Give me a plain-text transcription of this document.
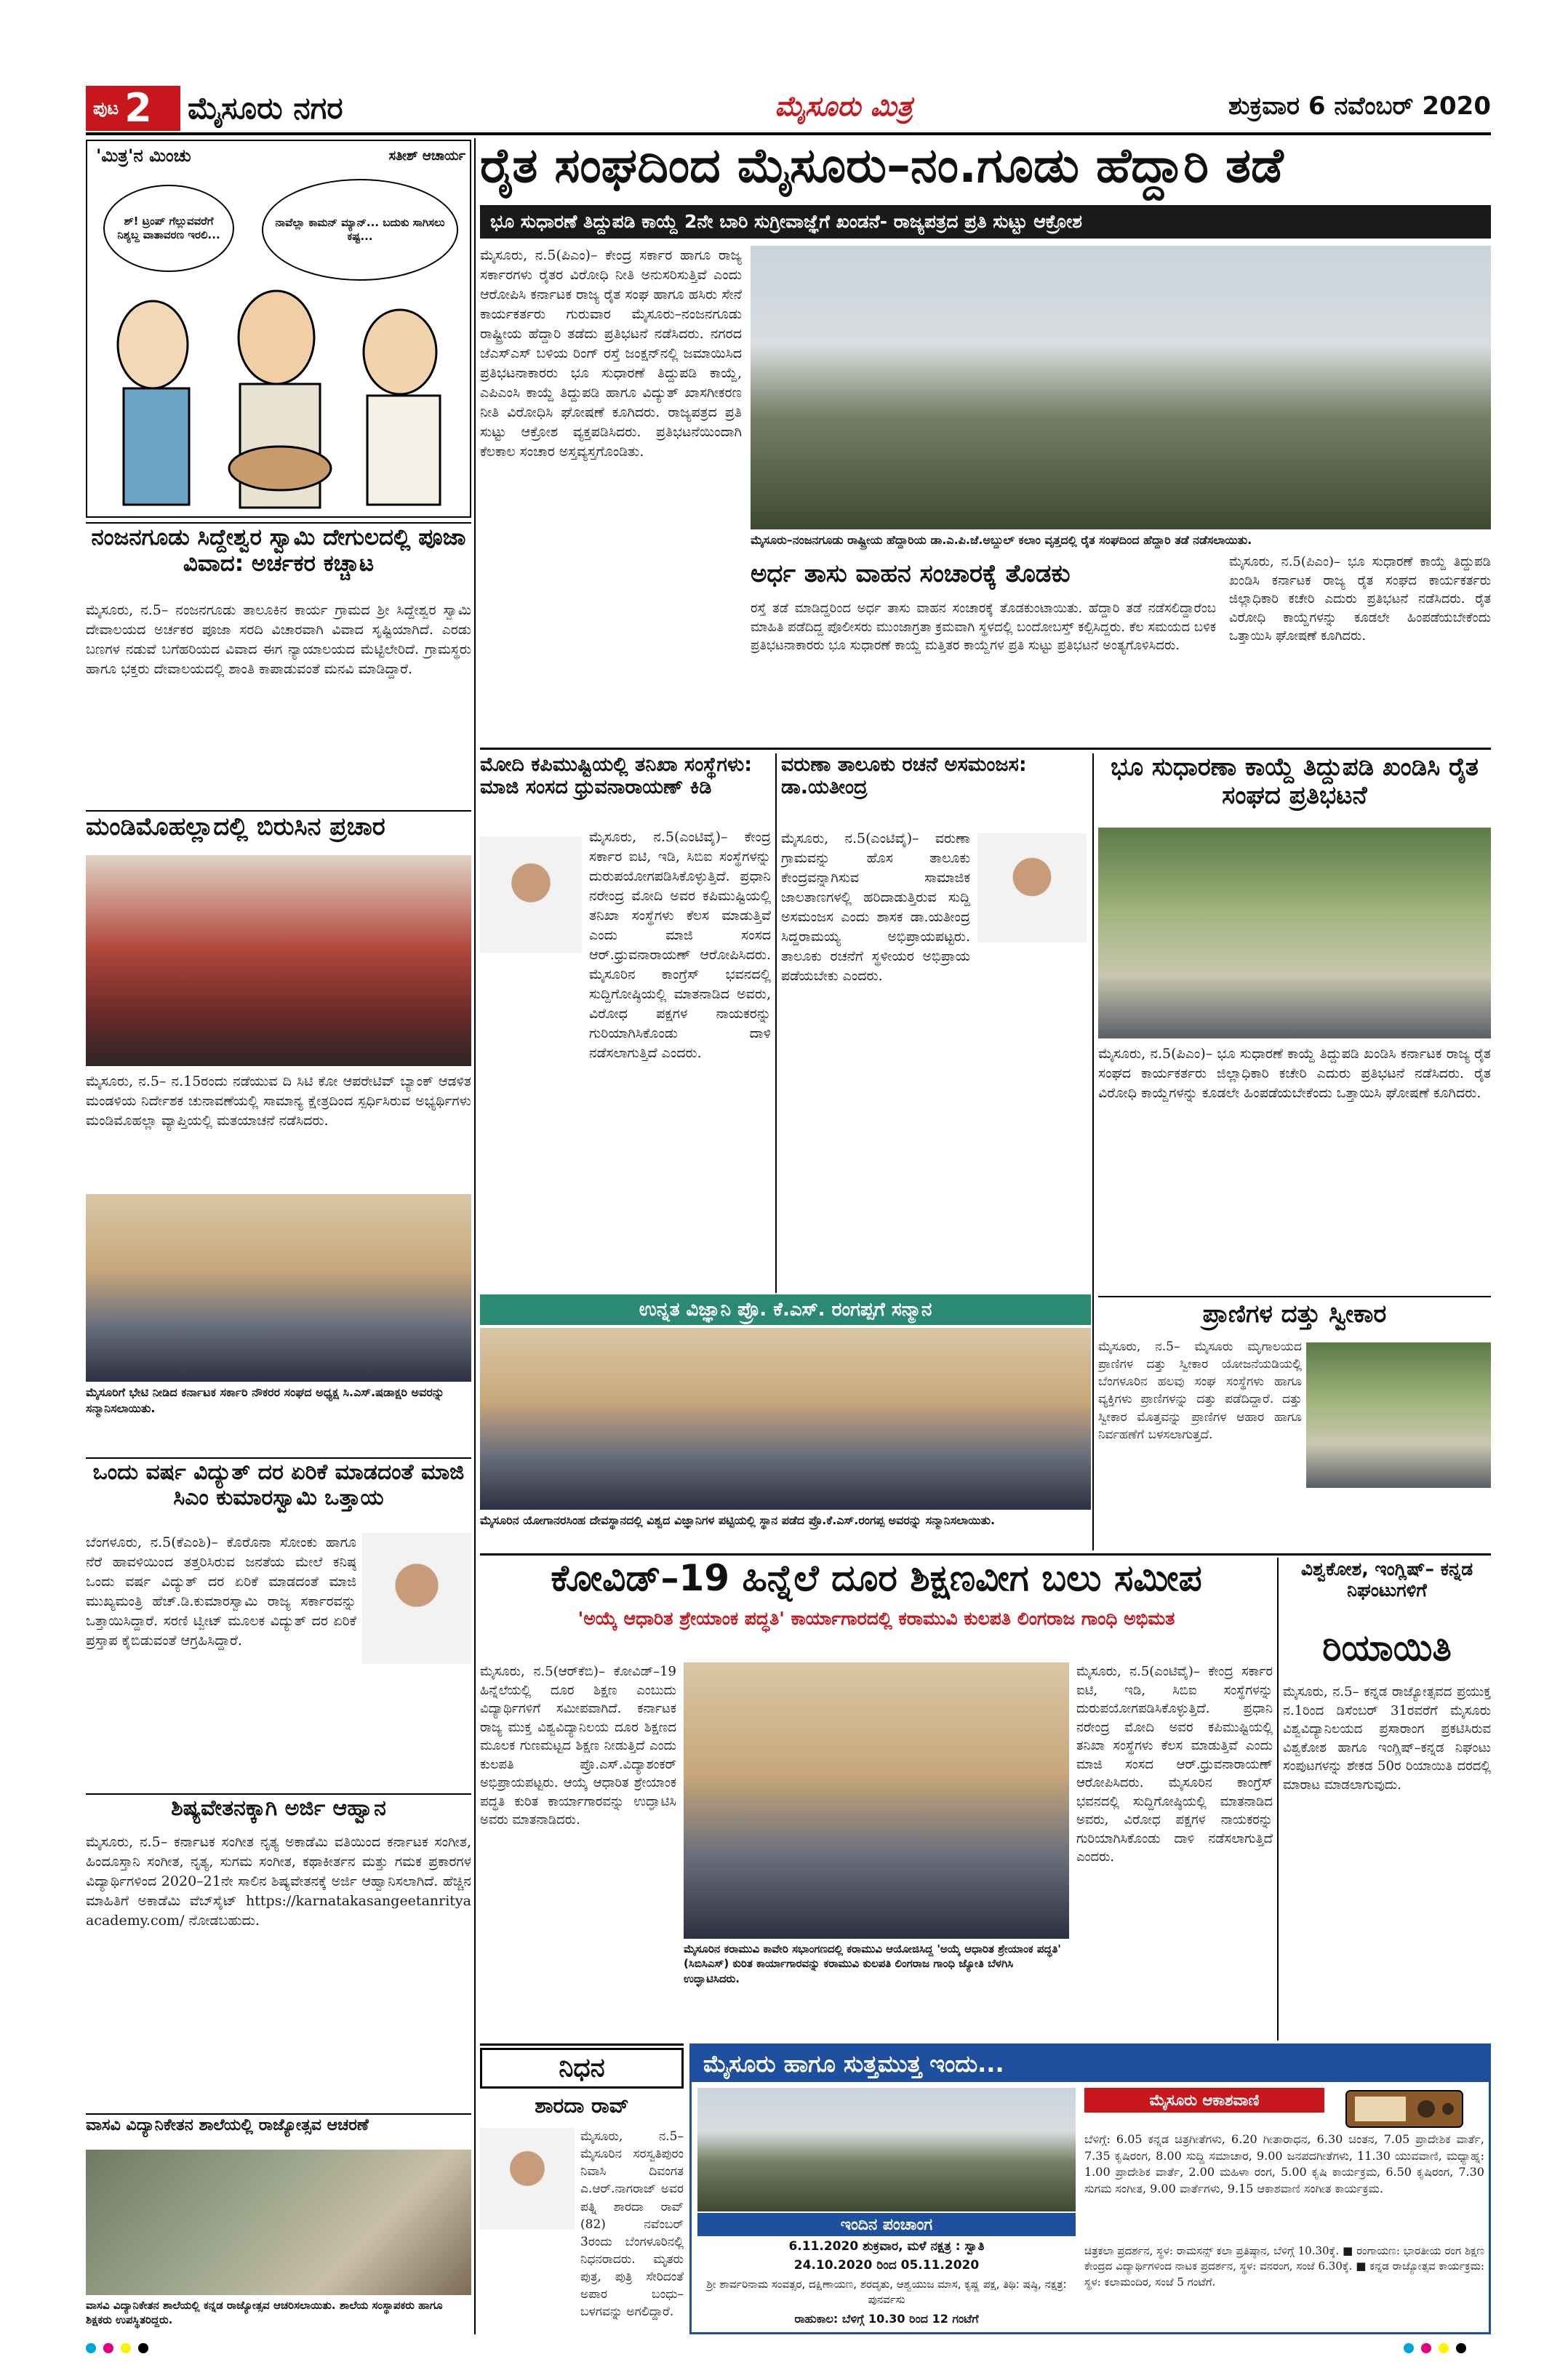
ಪುಟ 2 ಮೈಸೂರು ನಗರ	ಮೈಸೂರು ಮಿತ್ರ	ಶುಕ್ರವಾರ 6 ನವೆಂಬರ್ 2020
'ಮಿತ್ರ'ನ ಮಿಂಚು	ಸತೀಶ್ ಆಚಾರ್ಯ
ಶ್! ಟ್ರಂಪ್ ಗೆಲ್ಲುವವರೆಗೆ ನಿಶ್ಯಬ್ದ ವಾತಾವರಣ ಇರಲಿ...
ನಾವೆಲ್ಲಾ ಕಾಮನ್ ಮ್ಯಾನ್... ಬದುಕು ಸಾಗಿಸಲು ಕಷ್ಟ...
ರೈತ ಸಂಘದಿಂದ ಮೈಸೂರು–ನಂ.ಗೂಡು ಹೆದ್ದಾರಿ ತಡೆ
ಭೂ ಸುಧಾರಣೆ ತಿದ್ದುಪಡಿ ಕಾಯ್ದೆ 2ನೇ ಬಾರಿ ಸುಗ್ರೀವಾಜ್ಞೆಗೆ ಖಂಡನೆ- ರಾಜ್ಯಪತ್ರದ ಪ್ರತಿ ಸುಟ್ಟು ಆಕ್ರೋಶ
ಮೈಸೂರು, ನ.5(ಪಿಎಂ)– ಕೇಂದ್ರ ಸರ್ಕಾರ ಹಾಗೂ ರಾಜ್ಯ ಸರ್ಕಾರಗಳು ರೈತರ ವಿರೋಧಿ ನೀತಿ ಅನುಸರಿಸುತ್ತಿವೆ ಎಂದು ಆರೋಪಿಸಿ ಕರ್ನಾಟಕ ರಾಜ್ಯ ರೈತ ಸಂಘ ಹಾಗೂ ಹಸಿರು ಸೇನೆ ಕಾರ್ಯಕರ್ತರು ಗುರುವಾರ ಮೈಸೂರು–ನಂಜನಗೂಡು ರಾಷ್ಟ್ರೀಯ ಹೆದ್ದಾರಿ ತಡೆದು ಪ್ರತಿಭಟನೆ ನಡೆಸಿದರು. ನಗರದ ಜೆಎಸ್‌ಎಸ್ ಬಳಿಯ ರಿಂಗ್ ರಸ್ತೆ ಜಂಕ್ಷನ್‌ನಲ್ಲಿ ಜಮಾಯಿಸಿದ ಪ್ರತಿಭಟನಾಕಾರರು ಭೂ ಸುಧಾರಣೆ ತಿದ್ದುಪಡಿ ಕಾಯ್ದೆ, ಎಪಿಎಂಸಿ ಕಾಯ್ದೆ ತಿದ್ದುಪಡಿ ಹಾಗೂ ವಿದ್ಯುತ್ ಖಾಸಗೀಕರಣ ನೀತಿ ವಿರೋಧಿಸಿ ಘೋಷಣೆ ಕೂಗಿದರು. ರಾಜ್ಯಪತ್ರದ ಪ್ರತಿ ಸುಟ್ಟು ಆಕ್ರೋಶ ವ್ಯಕ್ತಪಡಿಸಿದರು. ಪ್ರತಿಭಟನೆಯಿಂದಾಗಿ ಕೆಲಕಾಲ ಸಂಚಾರ ಅಸ್ತವ್ಯಸ್ತಗೊಂಡಿತು.
ಮೈಸೂರು–ನಂಜನಗೂಡು ರಾಷ್ಟ್ರೀಯ ಹೆದ್ದಾರಿಯ ಡಾ.ಎ.ಪಿ.ಜೆ.ಅಬ್ದುಲ್ ಕಲಾಂ ವೃತ್ತದಲ್ಲಿ ರೈತ ಸಂಘದಿಂದ ಹೆದ್ದಾರಿ ತಡೆ ನಡೆಸಲಾಯಿತು.
ಅರ್ಧ ತಾಸು ವಾಹನ ಸಂಚಾರಕ್ಕೆ ತೊಡಕು
ರಸ್ತೆ ತಡೆ ಮಾಡಿದ್ದರಿಂದ ಅರ್ಧ ತಾಸು ವಾಹನ ಸಂಚಾರಕ್ಕೆ ತೊಡಕುಂಟಾಯಿತು. ಹೆದ್ದಾರಿ ತಡೆ ನಡೆಸಲಿದ್ದಾರೆಂಬ ಮಾಹಿತಿ ಪಡೆದಿದ್ದ ಪೊಲೀಸರು ಮುಂಜಾಗ್ರತಾ ಕ್ರಮವಾಗಿ ಸ್ಥಳದಲ್ಲಿ ಬಂದೋಬಸ್ತ್ ಕಲ್ಪಿಸಿದ್ದರು. ಕೆಲ ಸಮಯದ ಬಳಿಕ ಪ್ರತಿಭಟನಾಕಾರರು ಭೂ ಸುಧಾರಣೆ ಕಾಯ್ದೆ ಮತ್ತಿತರ ಕಾಯ್ದೆಗಳ ಪ್ರತಿ ಸುಟ್ಟು ಪ್ರತಿಭಟನೆ ಅಂತ್ಯಗೊಳಿಸಿದರು.
ಮೈಸೂರು, ನ.5(ಪಿಎಂ)– ಭೂ ಸುಧಾರಣೆ ಕಾಯ್ದೆ ತಿದ್ದುಪಡಿ ಖಂಡಿಸಿ ಕರ್ನಾಟಕ ರಾಜ್ಯ ರೈತ ಸಂಘದ ಕಾರ್ಯಕರ್ತರು ಜಿಲ್ಲಾಧಿಕಾರಿ ಕಚೇರಿ ಎದುರು ಪ್ರತಿಭಟನೆ ನಡೆಸಿದರು. ರೈತ ವಿರೋಧಿ ಕಾಯ್ದೆಗಳನ್ನು ಕೂಡಲೇ ಹಿಂಪಡೆಯಬೇಕೆಂದು ಒತ್ತಾಯಿಸಿ ಘೋಷಣೆ ಕೂಗಿದರು.
ನಂಜನಗೂಡು ಸಿದ್ದೇಶ್ವರ ಸ್ವಾಮಿ ದೇಗುಲದಲ್ಲಿ ಪೂಜಾ ವಿವಾದ: ಅರ್ಚಕರ ಕಚ್ಚಾಟ
ಮೈಸೂರು, ನ.5– ನಂಜನಗೂಡು ತಾಲೂಕಿನ ಕಾರ್ಯ ಗ್ರಾಮದ ಶ್ರೀ ಸಿದ್ದೇಶ್ವರ ಸ್ವಾಮಿ ದೇವಾಲಯದ ಅರ್ಚಕರ ಪೂಜಾ ಸರದಿ ವಿಚಾರವಾಗಿ ವಿವಾದ ಸೃಷ್ಟಿಯಾಗಿದೆ. ಎರಡು ಬಣಗಳ ನಡುವೆ ಬಗೆಹರಿಯದ ವಿವಾದ ಈಗ ನ್ಯಾಯಾಲಯದ ಮೆಟ್ಟಿಲೇರಿದೆ. ಗ್ರಾಮಸ್ಥರು ಹಾಗೂ ಭಕ್ತರು ದೇವಾಲಯದಲ್ಲಿ ಶಾಂತಿ ಕಾಪಾಡುವಂತೆ ಮನವಿ ಮಾಡಿದ್ದಾರೆ.
ಮಂಡಿಮೊಹಲ್ಲಾದಲ್ಲಿ ಬಿರುಸಿನ ಪ್ರಚಾರ
ಮೈಸೂರು, ನ.5– ನ.15ರಂದು ನಡೆಯುವ ದಿ ಸಿಟಿ ಕೋ ಆಪರೇಟಿವ್ ಬ್ಯಾಂಕ್ ಆಡಳಿತ ಮಂಡಳಿಯ ನಿರ್ದೇಶಕ ಚುನಾವಣೆಯಲ್ಲಿ ಸಾಮಾನ್ಯ ಕ್ಷೇತ್ರದಿಂದ ಸ್ಪರ್ಧಿಸಿರುವ ಅಭ್ಯರ್ಥಿಗಳು ಮಂಡಿಮೊಹಲ್ಲಾ ವ್ಯಾಪ್ತಿಯಲ್ಲಿ ಮತಯಾಚನೆ ನಡೆಸಿದರು.
ಮೈಸೂರಿಗೆ ಭೇಟಿ ನೀಡಿದ ಕರ್ನಾಟಕ ಸರ್ಕಾರಿ ನೌಕರರ ಸಂಘದ ಅಧ್ಯಕ್ಷ ಸಿ.ಎಸ್.ಷಡಾಕ್ಷರಿ ಅವರನ್ನು ಸನ್ಮಾನಿಸಲಾಯಿತು.
ಒಂದು ವರ್ಷ ವಿದ್ಯುತ್ ದರ ಏರಿಕೆ ಮಾಡದಂತೆ ಮಾಜಿ ಸಿಎಂ ಕುಮಾರಸ್ವಾಮಿ ಒತ್ತಾಯ
ಬೆಂಗಳೂರು, ನ.5(ಕೆಎಂಶಿ)– ಕೊರೊನಾ ಸೋಂಕು ಹಾಗೂ ನೆರೆ ಹಾವಳಿಯಿಂದ ತತ್ತರಿಸಿರುವ ಜನತೆಯ ಮೇಲೆ ಕನಿಷ್ಠ ಒಂದು ವರ್ಷ ವಿದ್ಯುತ್ ದರ ಏರಿಕೆ ಮಾಡದಂತೆ ಮಾಜಿ ಮುಖ್ಯಮಂತ್ರಿ ಹೆಚ್.ಡಿ.ಕುಮಾರಸ್ವಾಮಿ ರಾಜ್ಯ ಸರ್ಕಾರವನ್ನು ಒತ್ತಾಯಿಸಿದ್ದಾರೆ. ಸರಣಿ ಟ್ವೀಟ್ ಮೂಲಕ ವಿದ್ಯುತ್ ದರ ಏರಿಕೆ ಪ್ರಸ್ತಾಪ ಕೈಬಿಡುವಂತೆ ಆಗ್ರಹಿಸಿದ್ದಾರೆ.
ಶಿಷ್ಯವೇತನಕ್ಕಾಗಿ ಅರ್ಜಿ ಆಹ್ವಾನ
ಮೈಸೂರು, ನ.5– ಕರ್ನಾಟಕ ಸಂಗೀತ ನೃತ್ಯ ಅಕಾಡೆಮಿ ವತಿಯಿಂದ ಕರ್ನಾಟಕ ಸಂಗೀತ, ಹಿಂದೂಸ್ತಾನಿ ಸಂಗೀತ, ನೃತ್ಯ, ಸುಗಮ ಸಂಗೀತ, ಕಥಾಕೀರ್ತನ ಮತ್ತು ಗಮಕ ಪ್ರಕಾರಗಳ ವಿದ್ಯಾರ್ಥಿಗಳಿಂದ 2020–21ನೇ ಸಾಲಿನ ಶಿಷ್ಯವೇತನಕ್ಕೆ ಅರ್ಜಿ ಆಹ್ವಾನಿಸಲಾಗಿದೆ. ಹೆಚ್ಚಿನ ಮಾಹಿತಿಗೆ ಅಕಾಡೆಮಿ ವೆಬ್‌ಸೈಟ್ https://karnatakasangeetanritya academy.com/ ನೋಡಬಹುದು.
ವಾಸವಿ ವಿದ್ಯಾನಿಕೇತನ ಶಾಲೆಯಲ್ಲಿ ರಾಜ್ಯೋತ್ಸವ ಆಚರಣೆ
ವಾಸವಿ ವಿದ್ಯಾನಿಕೇತನ ಶಾಲೆಯಲ್ಲಿ ಕನ್ನಡ ರಾಜ್ಯೋತ್ಸವ ಆಚರಿಸಲಾಯಿತು. ಶಾಲೆಯ ಸಂಸ್ಥಾಪಕರು ಹಾಗೂ ಶಿಕ್ಷಕರು ಉಪಸ್ಥಿತರಿದ್ದರು.
ಮೋದಿ ಕಪಿಮುಷ್ಟಿಯಲ್ಲಿ ತನಿಖಾ ಸಂಸ್ಥೆಗಳು: ಮಾಜಿ ಸಂಸದ ಧ್ರುವನಾರಾಯಣ್ ಕಿಡಿ
ಮೈಸೂರು, ನ.5(ಎಂಟಿವೈ)– ಕೇಂದ್ರ ಸರ್ಕಾರ ಐಟಿ, ಇಡಿ, ಸಿಬಿಐ ಸಂಸ್ಥೆಗಳನ್ನು ದುರುಪಯೋಗಪಡಿಸಿಕೊಳ್ಳುತ್ತಿದೆ. ಪ್ರಧಾನಿ ನರೇಂದ್ರ ಮೋದಿ ಅವರ ಕಪಿಮುಷ್ಟಿಯಲ್ಲಿ ತನಿಖಾ ಸಂಸ್ಥೆಗಳು ಕೆಲಸ ಮಾಡುತ್ತಿವೆ ಎಂದು ಮಾಜಿ ಸಂಸದ ಆರ್.ಧ್ರುವನಾರಾಯಣ್ ಆರೋಪಿಸಿದರು. ಮೈಸೂರಿನ ಕಾಂಗ್ರೆಸ್ ಭವನದಲ್ಲಿ ಸುದ್ದಿಗೋಷ್ಠಿಯಲ್ಲಿ ಮಾತನಾಡಿದ ಅವರು, ವಿರೋಧ ಪಕ್ಷಗಳ ನಾಯಕರನ್ನು ಗುರಿಯಾಗಿಸಿಕೊಂಡು ದಾಳಿ ನಡೆಸಲಾಗುತ್ತಿದೆ ಎಂದರು.
ವರುಣಾ ತಾಲೂಕು ರಚನೆ ಅಸಮಂಜಸ: ಡಾ.ಯತೀಂದ್ರ
ಮೈಸೂರು, ನ.5(ಎಂಟಿವೈ)– ವರುಣಾ ಗ್ರಾಮವನ್ನು ಹೊಸ ತಾಲೂಕು ಕೇಂದ್ರವನ್ನಾಗಿಸುವ ಸಾಮಾಜಿಕ ಜಾಲತಾಣಗಳಲ್ಲಿ ಹರಿದಾಡುತ್ತಿರುವ ಸುದ್ದಿ ಅಸಮಂಜಸ ಎಂದು ಶಾಸಕ ಡಾ.ಯತೀಂದ್ರ ಸಿದ್ದರಾಮಯ್ಯ ಅಭಿಪ್ರಾಯಪಟ್ಟರು. ತಾಲೂಕು ರಚನೆಗೆ ಸ್ಥಳೀಯರ ಅಭಿಪ್ರಾಯ ಪಡೆಯಬೇಕು ಎಂದರು.
ಭೂ ಸುಧಾರಣಾ ಕಾಯ್ದೆ ತಿದ್ದುಪಡಿ ಖಂಡಿಸಿ ರೈತ ಸಂಘದ ಪ್ರತಿಭಟನೆ
ಮೈಸೂರು, ನ.5(ಪಿಎಂ)– ಭೂ ಸುಧಾರಣೆ ಕಾಯ್ದೆ ತಿದ್ದುಪಡಿ ಖಂಡಿಸಿ ಕರ್ನಾಟಕ ರಾಜ್ಯ ರೈತ ಸಂಘದ ಕಾರ್ಯಕರ್ತರು ಜಿಲ್ಲಾಧಿಕಾರಿ ಕಚೇರಿ ಎದುರು ಪ್ರತಿಭಟನೆ ನಡೆಸಿದರು. ರೈತ ವಿರೋಧಿ ಕಾಯ್ದೆಗಳನ್ನು ಕೂಡಲೇ ಹಿಂಪಡೆಯಬೇಕೆಂದು ಒತ್ತಾಯಿಸಿ ಘೋಷಣೆ ಕೂಗಿದರು.
ಉನ್ನತ ವಿಜ್ಞಾನಿ ಪ್ರೊ. ಕೆ.ಎಸ್. ರಂಗಪ್ಪಗೆ ಸನ್ಮಾನ
ಮೈಸೂರಿನ ಯೋಗಾನರಸಿಂಹ ದೇವಸ್ಥಾನದಲ್ಲಿ ವಿಶ್ವದ ವಿಜ್ಞಾನಿಗಳ ಪಟ್ಟಿಯಲ್ಲಿ ಸ್ಥಾನ ಪಡೆದ ಪ್ರೊ.ಕೆ.ಎಸ್.ರಂಗಪ್ಪ ಅವರನ್ನು ಸನ್ಮಾನಿಸಲಾಯಿತು.
ಪ್ರಾಣಿಗಳ ದತ್ತು ಸ್ವೀಕಾರ
ಮೈಸೂರು, ನ.5– ಮೈಸೂರು ಮೃಗಾಲಯದ ಪ್ರಾಣಿಗಳ ದತ್ತು ಸ್ವೀಕಾರ ಯೋಜನೆಯಡಿಯಲ್ಲಿ ಬೆಂಗಳೂರಿನ ಹಲವು ಸಂಘ ಸಂಸ್ಥೆಗಳು ಹಾಗೂ ವ್ಯಕ್ತಿಗಳು ಪ್ರಾಣಿಗಳನ್ನು ದತ್ತು ಪಡೆದಿದ್ದಾರೆ. ದತ್ತು ಸ್ವೀಕಾರ ಮೊತ್ತವನ್ನು ಪ್ರಾಣಿಗಳ ಆಹಾರ ಹಾಗೂ ನಿರ್ವಹಣೆಗೆ ಬಳಸಲಾಗುತ್ತದೆ.
ಕೋವಿಡ್–19 ಹಿನ್ನೆಲೆ ದೂರ ಶಿಕ್ಷಣವೀಗ ಬಲು ಸಮೀಪ
'ಅಯ್ಕೆ ಆಧಾರಿತ ಶ್ರೇಯಾಂಕ ಪದ್ಧತಿ' ಕಾರ್ಯಾಗಾರದಲ್ಲಿ ಕರಾಮುವಿ ಕುಲಪತಿ ಲಿಂಗರಾಜ ಗಾಂಧಿ ಅಭಿಮತ
ಮೈಸೂರು, ನ.5(ಆರ್‌ಕೆಬಿ)– ಕೋವಿಡ್–19 ಹಿನ್ನೆಲೆಯಲ್ಲಿ ದೂರ ಶಿಕ್ಷಣ ಎಂಬುದು ವಿದ್ಯಾರ್ಥಿಗಳಿಗೆ ಸಮೀಪವಾಗಿದೆ. ಕರ್ನಾಟಕ ರಾಜ್ಯ ಮುಕ್ತ ವಿಶ್ವವಿದ್ಯಾನಿಲಯ ದೂರ ಶಿಕ್ಷಣದ ಮೂಲಕ ಗುಣಮಟ್ಟದ ಶಿಕ್ಷಣ ನೀಡುತ್ತಿದೆ ಎಂದು ಕುಲಪತಿ ಪ್ರೊ.ಎಸ್.ವಿದ್ಯಾಶಂಕರ್ ಅಭಿಪ್ರಾಯಪಟ್ಟರು. ಆಯ್ಕೆ ಆಧಾರಿತ ಶ್ರೇಯಾಂಕ ಪದ್ಧತಿ ಕುರಿತ ಕಾರ್ಯಾಗಾರವನ್ನು ಉದ್ಘಾಟಿಸಿ ಅವರು ಮಾತನಾಡಿದರು.
ಮೈಸೂರಿನ ಕರಾಮುವಿ ಕಾವೇರಿ ಸಭಾಂಗಣದಲ್ಲಿ ಕರಾಮುವಿ ಆಯೋಜಿಸಿದ್ದ 'ಅಯ್ಕೆ ಆಧಾರಿತ ಶ್ರೇಯಾಂಕ ಪದ್ಧತಿ' (ಸಿಬಿಸಿಎಸ್) ಕುರಿತ ಕಾರ್ಯಾಗಾರವನ್ನು ಕರಾಮುವಿ ಕುಲಪತಿ ಲಿಂಗರಾಜ ಗಾಂಧಿ ಜ್ಯೋತಿ ಬೆಳಗಿಸಿ ಉದ್ಘಾಟಿಸಿದರು.
ಮೈಸೂರು, ನ.5(ಎಂಟಿವೈ)– ಕೇಂದ್ರ ಸರ್ಕಾರ ಐಟಿ, ಇಡಿ, ಸಿಬಿಐ ಸಂಸ್ಥೆಗಳನ್ನು ದುರುಪಯೋಗಪಡಿಸಿಕೊಳ್ಳುತ್ತಿದೆ. ಪ್ರಧಾನಿ ನರೇಂದ್ರ ಮೋದಿ ಅವರ ಕಪಿಮುಷ್ಟಿಯಲ್ಲಿ ತನಿಖಾ ಸಂಸ್ಥೆಗಳು ಕೆಲಸ ಮಾಡುತ್ತಿವೆ ಎಂದು ಮಾಜಿ ಸಂಸದ ಆರ್.ಧ್ರುವನಾರಾಯಣ್ ಆರೋಪಿಸಿದರು. ಮೈಸೂರಿನ ಕಾಂಗ್ರೆಸ್ ಭವನದಲ್ಲಿ ಸುದ್ದಿಗೋಷ್ಠಿಯಲ್ಲಿ ಮಾತನಾಡಿದ ಅವರು, ವಿರೋಧ ಪಕ್ಷಗಳ ನಾಯಕರನ್ನು ಗುರಿಯಾಗಿಸಿಕೊಂಡು ದಾಳಿ ನಡೆಸಲಾಗುತ್ತಿದೆ ಎಂದರು.
ವಿಶ್ವಕೋಶ, ಇಂಗ್ಲಿಷ್– ಕನ್ನಡ ನಿಘಂಟುಗಳಿಗೆ
ರಿಯಾಯಿತಿ
ಮೈಸೂರು, ನ.5– ಕನ್ನಡ ರಾಜ್ಯೋತ್ಸವದ ಪ್ರಯುಕ್ತ ನ.1ರಿಂದ ಡಿಸೆಂಬರ್ 31ರವರೆಗೆ ಮೈಸೂರು ವಿಶ್ವವಿದ್ಯಾನಿಲಯದ ಪ್ರಸಾರಾಂಗ ಪ್ರಕಟಿಸಿರುವ ವಿಶ್ವಕೋಶ ಹಾಗೂ ಇಂಗ್ಲಿಷ್–ಕನ್ನಡ ನಿಘಂಟು ಸಂಪುಟಗಳನ್ನು ಶೇಕಡ 50ರ ರಿಯಾಯಿತಿ ದರದಲ್ಲಿ ಮಾರಾಟ ಮಾಡಲಾಗುವುದು.
ನಿಧನ
ಶಾರದಾ ರಾವ್
ಮೈಸೂರು, ನ.5– ಮೈಸೂರಿನ ಸರಸ್ವತಿಪುರಂ ನಿವಾಸಿ ದಿವಂಗತ ಎ.ಆರ್.ನಾಗರಾಜ್ ಅವರ ಪತ್ನಿ ಶಾರದಾ ರಾವ್ (82) ನವೆಂಬರ್ 3ರಂದು ಬೆಂಗಳೂರಿನಲ್ಲಿ ನಿಧನರಾದರು. ಮೃತರು ಪುತ್ರ, ಪುತ್ರಿ ಸೇರಿದಂತೆ ಅಪಾರ ಬಂಧು–ಬಳಗವನ್ನು ಅಗಲಿದ್ದಾರೆ.
ಮೈಸೂರು ಹಾಗೂ ಸುತ್ತಮುತ್ತ ಇಂದು...
ಇಂದಿನ ಪಂಚಾಂಗ
6.11.2020 ಶುಕ್ರವಾರ, ಮಳೆ ನಕ್ಷತ್ರ : ಸ್ವಾತಿ
24.10.2020 ರಿಂದ 05.11.2020
ಶ್ರೀ ಶಾರ್ವರಿನಾಮ ಸಂವತ್ಸರ, ದಕ್ಷಿಣಾಯಣ, ಶರದೃತು, ಆಶ್ವಯುಜ ಮಾಸ, ಕೃಷ್ಣ ಪಕ್ಷ, ತಿಥಿ: ಷಷ್ಠಿ, ನಕ್ಷತ್ರ: ಪುನರ್ವಸು
ರಾಹುಕಾಲ: ಬೆಳಿಗ್ಗೆ 10.30 ರಿಂದ 12 ಗಂಟೆಗೆ
ಮೈಸೂರು ಆಕಾಶವಾಣಿ
ಬೆಳಿಗ್ಗೆ: 6.05 ಕನ್ನಡ ಚಿತ್ರಗೀತೆಗಳು, 6.20 ಗೀತಾರಾಧನ, 6.30 ಚಿಂತನ, 7.05 ಪ್ರಾದೇಶಿಕ ವಾರ್ತೆ, 7.35 ಕೃಷಿರಂಗ, 8.00 ಸುದ್ದಿ ಸಮಾಚಾರ, 9.00 ಜನಪದಗೀತೆಗಳು, 11.30 ಯುವವಾಣಿ, ಮಧ್ಯಾಹ್ನ: 1.00 ಪ್ರಾದೇಶಿಕ ವಾರ್ತೆ, 2.00 ಮಹಿಳಾ ರಂಗ, 5.00 ಕೃಷಿ ಕಾರ್ಯಕ್ರಮ, 6.50 ಕೃಷಿರಂಗ, 7.30 ಸುಗಮ ಸಂಗೀತ, 9.00 ವಾರ್ತೆಗಳು, 9.15 ಆಕಾಶವಾಣಿ ಸಂಗೀತ ಕಾರ್ಯಕ್ರಮ.
ಚಿತ್ರಕಲಾ ಪ್ರದರ್ಶನ, ಸ್ಥಳ: ರಾಮಸನ್ಸ್ ಕಲಾ ಪ್ರತಿಷ್ಠಾನ, ಬೆಳಿಗ್ಗೆ 10.30ಕ್ಕೆ. ■ ರಂಗಾಯಣ: ಭಾರತೀಯ ರಂಗ ಶಿಕ್ಷಣ ಕೇಂದ್ರದ ವಿದ್ಯಾರ್ಥಿಗಳಿಂದ ನಾಟಕ ಪ್ರದರ್ಶನ, ಸ್ಥಳ: ವನರಂಗ, ಸಂಜೆ 6.30ಕ್ಕೆ. ■ ಕನ್ನಡ ರಾಜ್ಯೋತ್ಸವ ಕಾರ್ಯಕ್ರಮ: ಸ್ಥಳ: ಕಲಾಮಂದಿರ, ಸಂಜೆ 5 ಗಂಟೆಗೆ.
